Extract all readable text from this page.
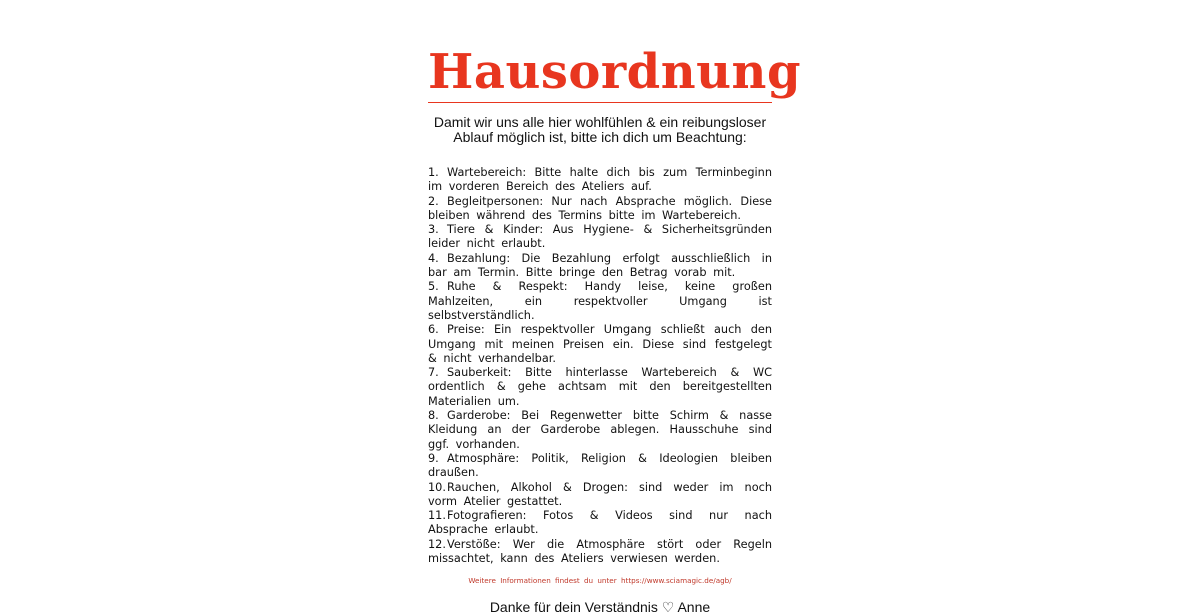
Hausordnung

Damit wir uns alle hier wohlfühlen & ein reibungsloser Ablauf möglich ist, bitte ich dich um Beachtung:

1. Wartebereich: Bitte halte dich bis zum Terminbeginn im vorderen Bereich des Ateliers auf.
2. Begleitpersonen: Nur nach Absprache möglich. Diese bleiben während des Termins bitte im Wartebereich.
3. Tiere & Kinder: Aus Hygiene- & Sicherheitsgründen leider nicht erlaubt.
4. Bezahlung: Die Bezahlung erfolgt ausschließlich in bar am Termin. Bitte bringe den Betrag vorab mit.
5. Ruhe & Respekt: Handy leise, keine großen Mahlzeiten, ein respektvoller Umgang ist selbstverständlich.
6. Preise: Ein respektvoller Umgang schließt auch den Umgang mit meinen Preisen ein. Diese sind festgelegt & nicht verhandelbar.
7. Sauberkeit: Bitte hinterlasse Wartebereich & WC ordentlich & gehe achtsam mit den bereitgestellten Materialien um.
8. Garderobe: Bei Regenwetter bitte Schirm & nasse Kleidung an der Garderobe ablegen. Hausschuhe sind ggf. vorhanden.
9. Atmosphäre: Politik, Religion & Ideologien bleiben draußen.
10.Rauchen, Alkohol & Drogen: sind weder im noch vorm Atelier gestattet.
11.Fotografieren: Fotos & Videos sind nur nach Absprache erlaubt.
12.Verstöße: Wer die Atmosphäre stört oder Regeln missachtet, kann des Ateliers verwiesen werden.

Weitere Informationen findest du unter https://www.sciamagic.de/agb/

Danke für dein Verständnis ♡ Anne
